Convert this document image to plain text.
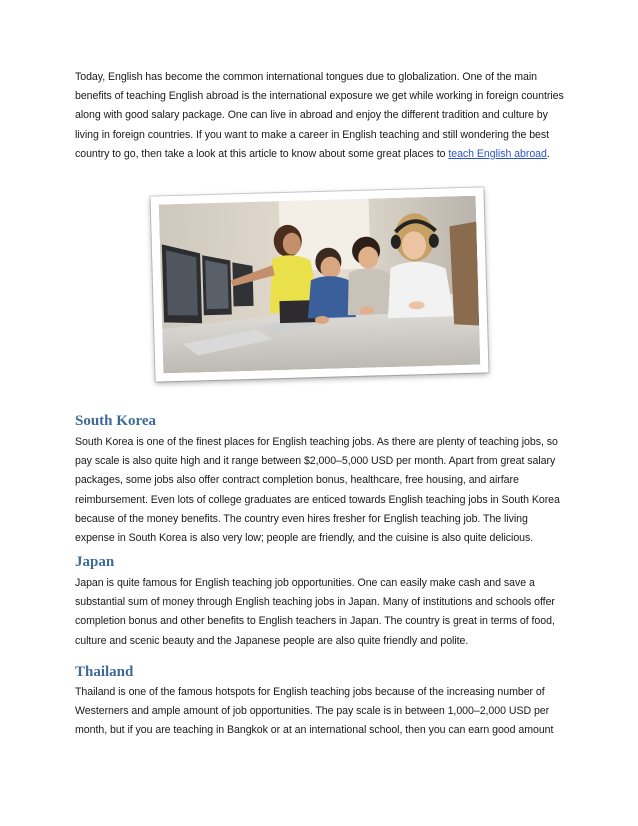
Today, English has become the common international tongues due to globalization. One of the main benefits of teaching English abroad is the international exposure we get while working in foreign countries along with good salary package. One can live in abroad and enjoy the different tradition and culture by living in foreign countries. If you want to make a career in English teaching and still wondering the best country to go, then take a look at this article to know about some great places to teach English abroad.

South Korea

South Korea is one of the finest places for English teaching jobs. As there are plenty of teaching jobs, so pay scale is also quite high and it range between $2,000–5,000 USD per month. Apart from great salary packages, some jobs also offer contract completion bonus, healthcare, free housing, and airfare reimbursement. Even lots of college graduates are enticed towards English teaching jobs in South Korea because of the money benefits. The country even hires fresher for English teaching job. The living expense in South Korea is also very low; people are friendly, and the cuisine is also quite delicious.

Japan

Japan is quite famous for English teaching job opportunities. One can easily make cash and save a substantial sum of money through English teaching jobs in Japan. Many of institutions and schools offer completion bonus and other benefits to English teachers in Japan. The country is great in terms of food, culture and scenic beauty and the Japanese people are also quite friendly and polite.

Thailand

Thailand is one of the famous hotspots for English teaching jobs because of the increasing number of Westerners and ample amount of job opportunities. The pay scale is in between 1,000–2,000 USD per month, but if you are teaching in Bangkok or at an international school, then you can earn good amount
